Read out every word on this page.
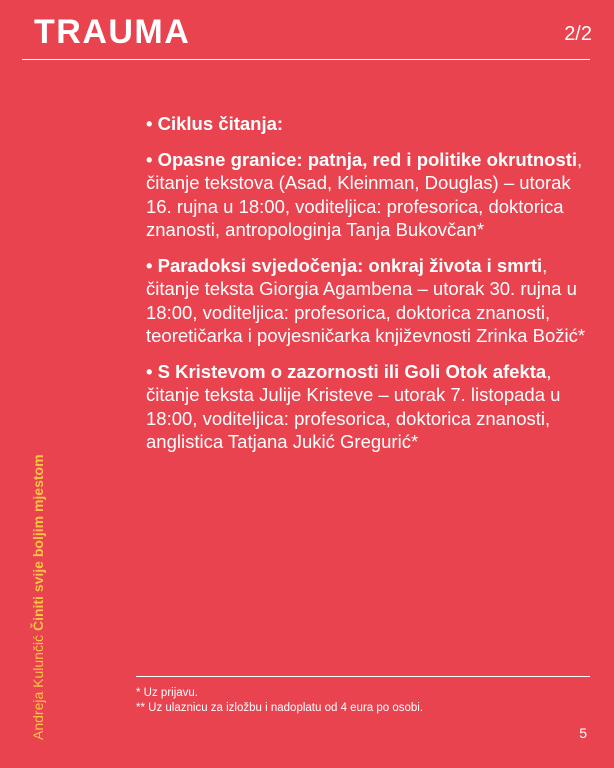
TRAUMA	2/2
• Ciklus čitanja:
• Opasne granice: patnja, red i politike okrutnosti, čitanje tekstova (Asad, Kleinman, Douglas) – utorak 16. rujna u 18:00, voditeljica: profesorica, doktorica znanosti, antropologinja Tanja Bukovčan*
• Paradoksi svjedočenja: onkraj života i smrti, čitanje teksta Giorgia Agambena – utorak 30. rujna u 18:00, voditeljica: profesorica, doktorica znanosti, teoretičarka i povjesničarka književnosti Zrinka Božić*
• S Kristevom o zazornosti ili Goli Otok afekta, čitanje teksta Julije Kristeve – utorak 7. listopada u 18:00, voditeljica: profesorica, doktorica znanosti, anglistica Tatjana Jukić Gregurić*
Andreja Kulunčić Činiti svije boljim mjestom
* Uz prijavu.
** Uz ulaznicu za izložbu i nadoplatu od 4 eura po osobi.
5
